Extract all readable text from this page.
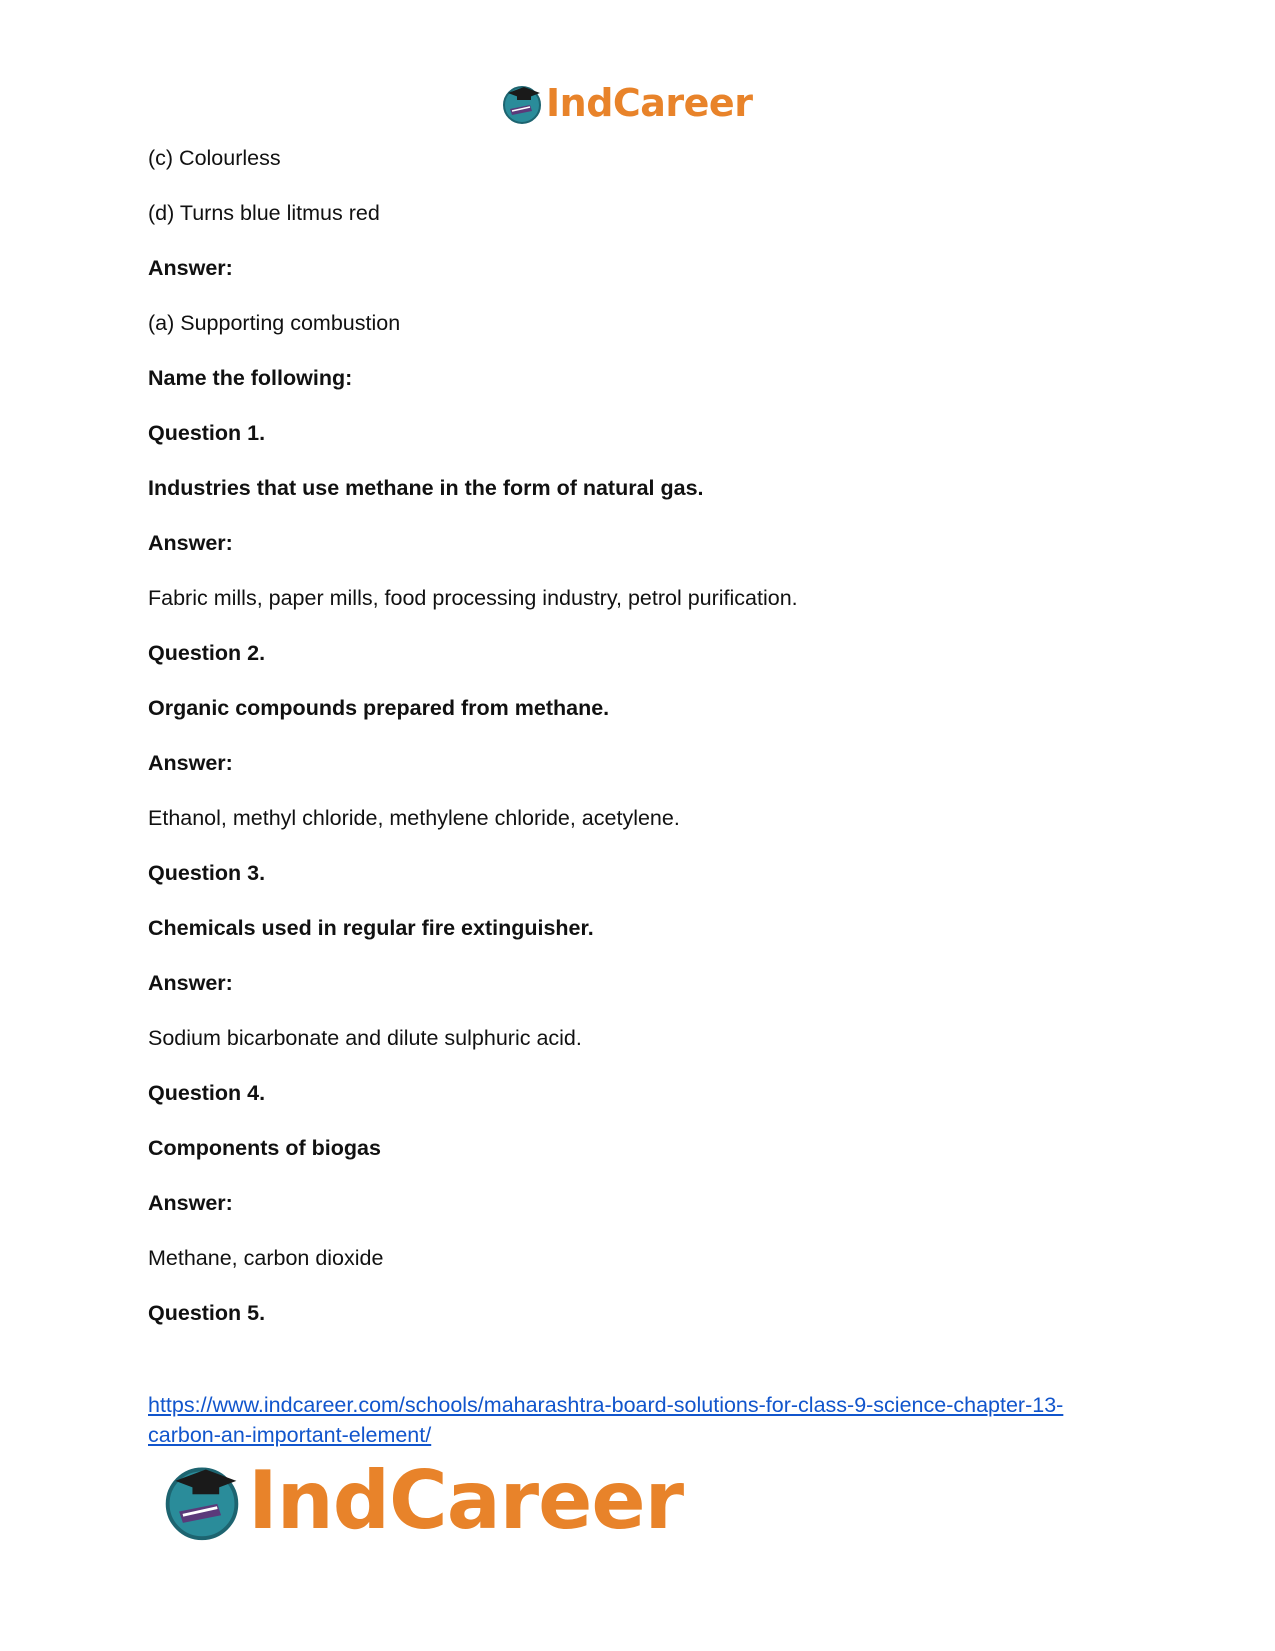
IndCareer
(c) Colourless
(d) Turns blue litmus red
Answer:
(a) Supporting combustion
Name the following:
Question 1.
Industries that use methane in the form of natural gas.
Answer:
Fabric mills, paper mills, food processing industry, petrol purification.
Question 2.
Organic compounds prepared from methane.
Answer:
Ethanol, methyl chloride, methylene chloride, acetylene.
Question 3.
Chemicals used in regular fire extinguisher.
Answer:
Sodium bicarbonate and dilute sulphuric acid.
Question 4.
Components of biogas
Answer:
Methane, carbon dioxide
Question 5.
https://www.indcareer.com/schools/maharashtra-board-solutions-for-class-9-science-chapter-13-
carbon-an-important-element/
IndCareer
